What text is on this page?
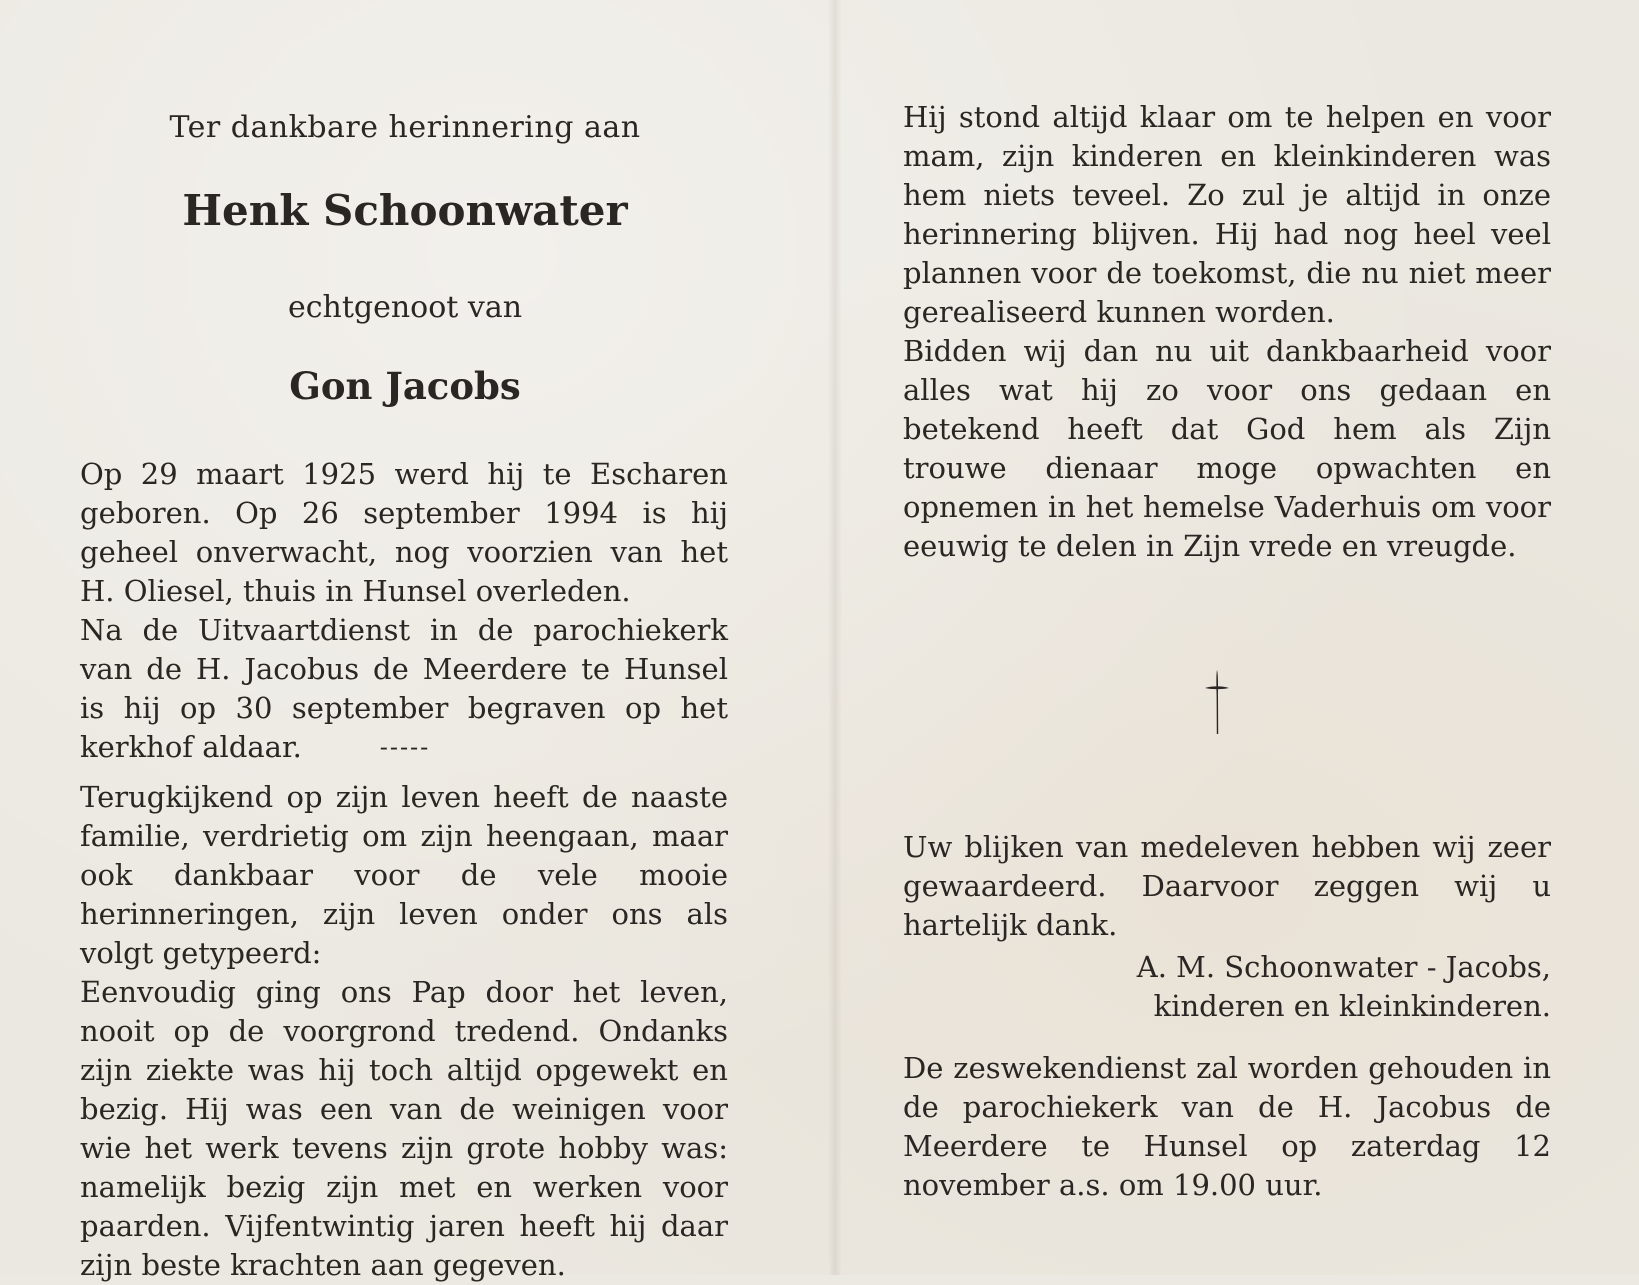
Ter dankbare herinnering aan
Henk Schoonwater
echtgenoot van
Gon Jacobs

Op 29 maart 1925 werd hij te Escharen geboren. Op 26 september 1994 is hij geheel onverwacht, nog voorzien van het H. Oliesel, thuis in Hunsel overleden.
Na de Uitvaartdienst in de parochiekerk van de H. Jacobus de Meerdere te Hunsel is hij op 30 september begraven op het kerkhof aldaar.	-----

Terugkijkend op zijn leven heeft de naaste familie, verdrietig om zijn heengaan, maar ook dankbaar voor de vele mooie herinneringen, zijn leven onder ons als volgt getypeerd:
Eenvoudig ging ons Pap door het leven, nooit op de voorgrond tredend. Ondanks zijn ziekte was hij toch altijd opgewekt en bezig. Hij was een van de weinigen voor wie het werk tevens zijn grote hobby was: namelijk bezig zijn met en werken voor paarden. Vijfentwintig jaren heeft hij daar zijn beste krachten aan gegeven.

Hij stond altijd klaar om te helpen en voor mam, zijn kinderen en kleinkinderen was hem niets teveel. Zo zul je altijd in onze herinnering blijven. Hij had nog heel veel plannen voor de toekomst, die nu niet meer gerealiseerd kunnen worden.
Bidden wij dan nu uit dankbaarheid voor alles wat hij zo voor ons gedaan en betekend heeft dat God hem als Zijn trouwe dienaar moge opwachten en opnemen in het hemelse Vaderhuis om voor eeuwig te delen in Zijn vrede en vreugde.

Uw blijken van medeleven hebben wij zeer gewaardeerd. Daarvoor zeggen wij u hartelijk dank.

A. M. Schoonwater - Jacobs,
kinderen en kleinkinderen.

De zeswekendienst zal worden gehouden in de parochiekerk van de H. Jacobus de Meerdere te Hunsel op zaterdag 12 november a.s. om 19.00 uur.
